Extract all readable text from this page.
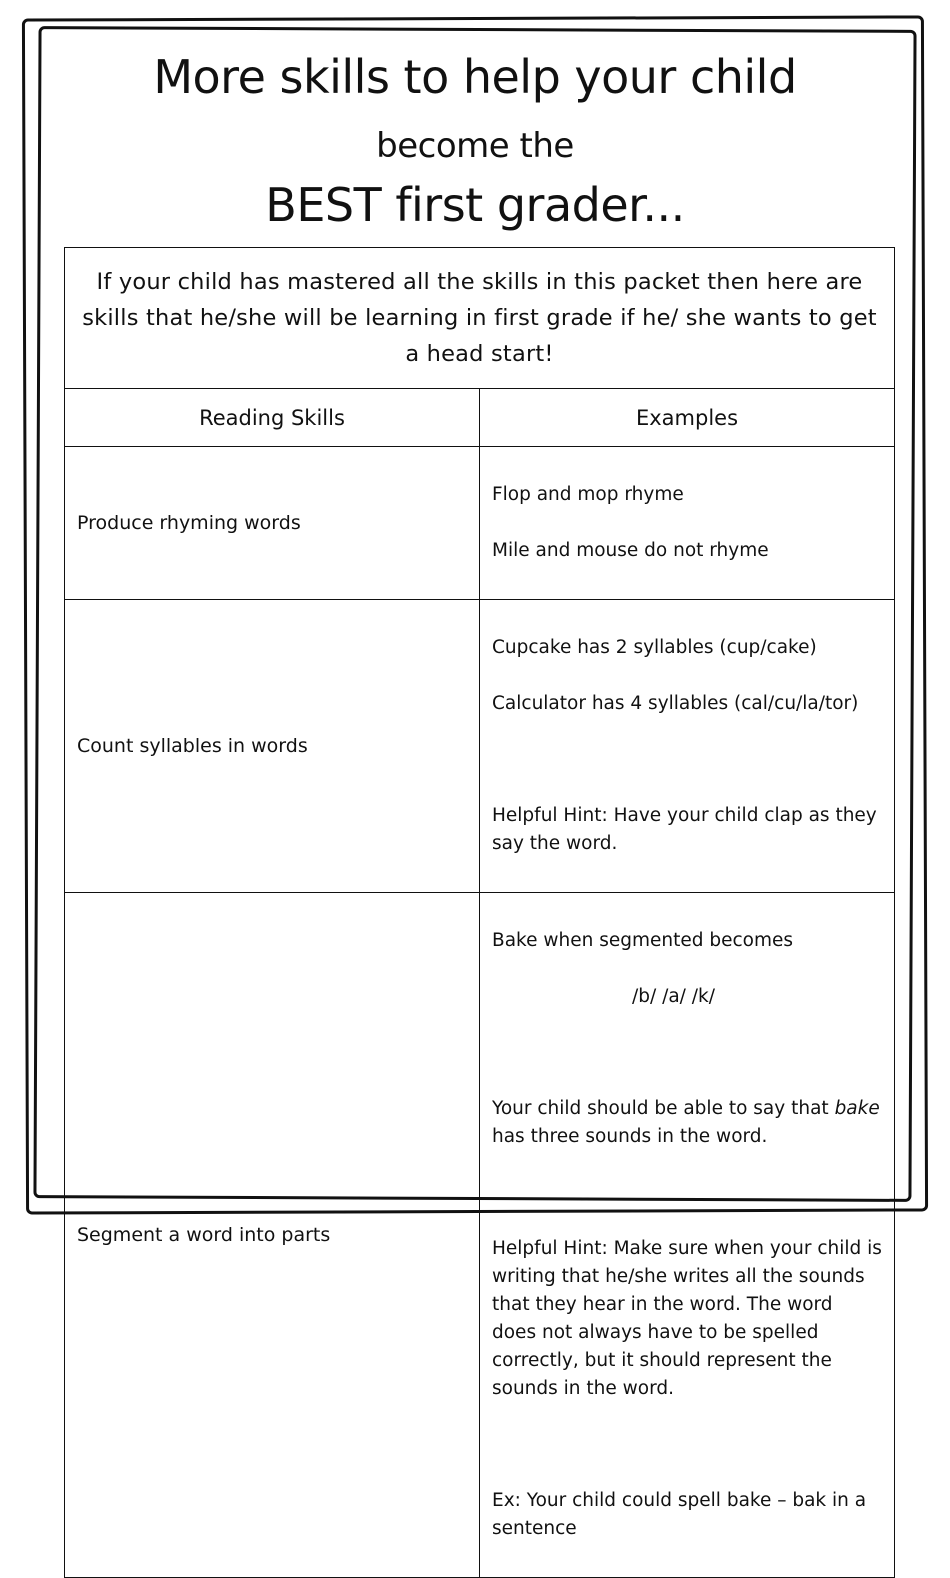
More skills to help your child
become the
BEST first grader...
If your child has mastered all the skills in this packet then here are skills that he/she will be learning in first grade if he/ she wants to get a head start!	
Reading Skills	Examples
Produce rhyming words	Flop and mop rhyme

Mile and mouse do not rhyme

Count syllables in words	Cupcake has 2 syllables (cup/cake)

Calculator has 4 syllables (cal/cu/la/tor)

Helpful Hint: Have your child clap as they say the word.

Segment a word into parts	Bake when segmented becomes

/b/ /a/ /k/

Your child should be able to say that bake has three sounds in the word.

Helpful Hint: Make sure when your child is writing that he/she writes all the sounds that they hear in the word. The word does not always have to be spelled correctly, but it should represent the sounds in the word.

Ex: Your child could spell bake – bak in a sentence
